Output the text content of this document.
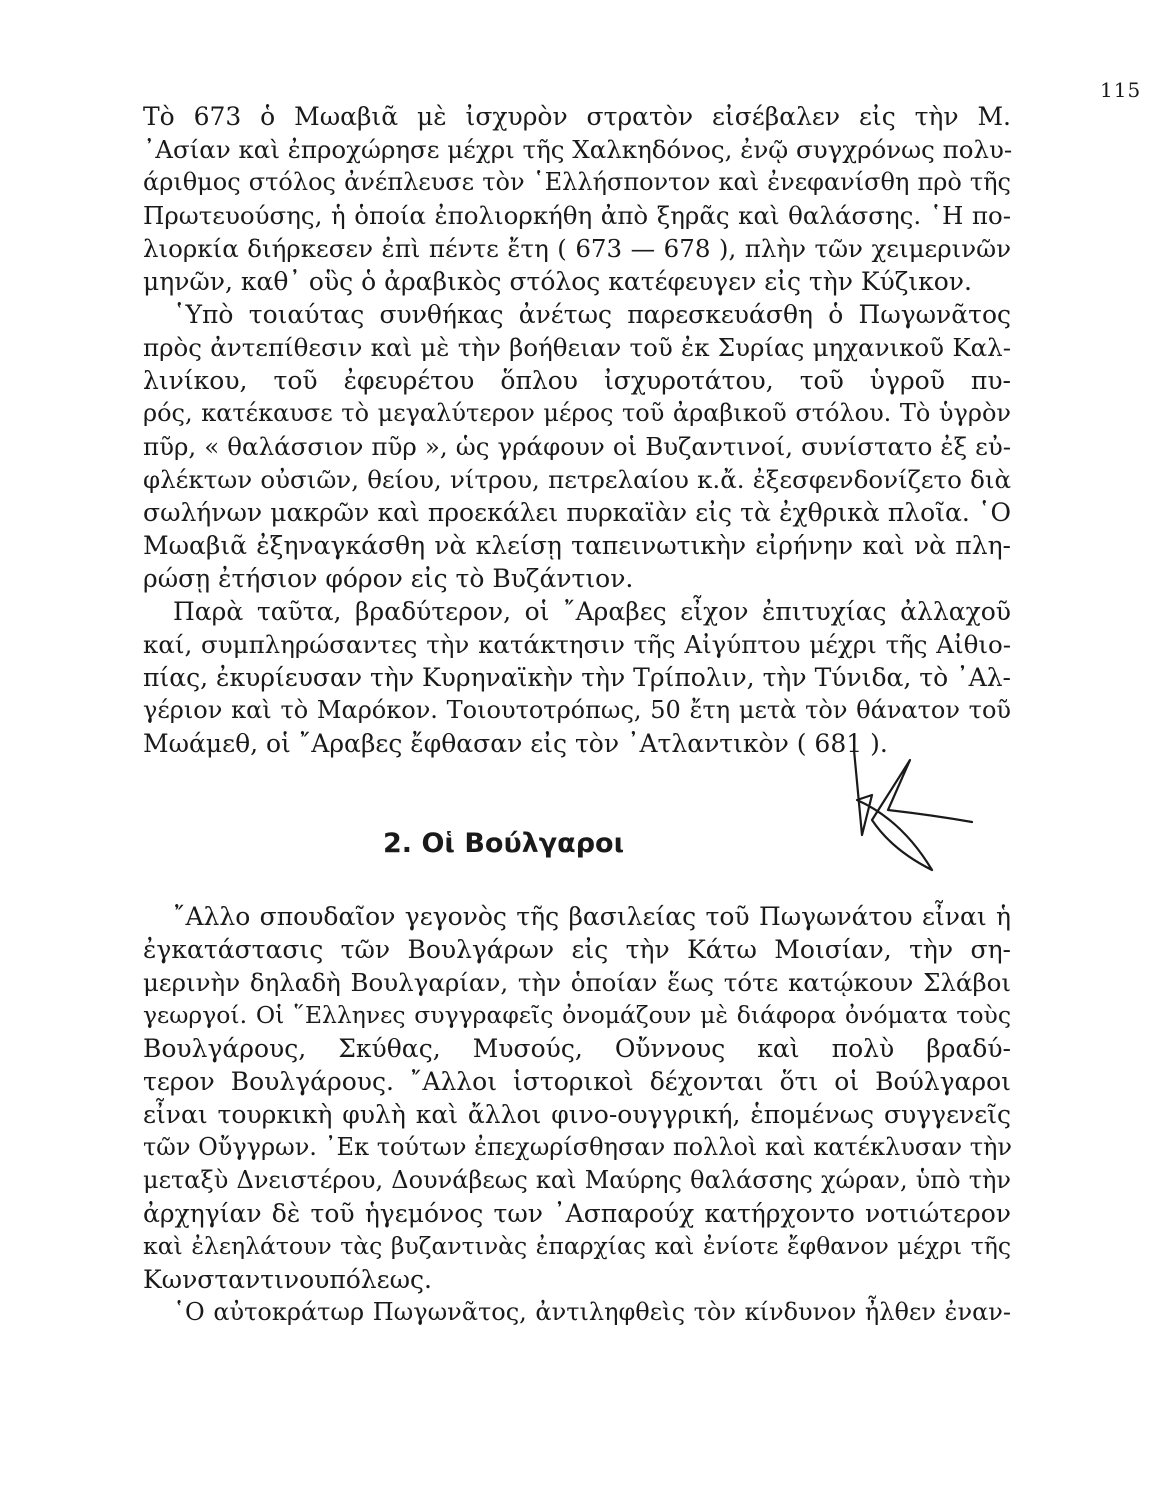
115
Τὸ 673 ὁ Μωαβιᾶ μὲ ἰσχυρὸν στρατὸν εἰσέβαλεν εἰς τὴν Μ.
᾿Ασίαν καὶ ἐπροχώρησε μέχρι τῆς Χαλκηδόνος, ἐνῷ συγχρόνως πολυ-
άριθμος στόλος ἀνέπλευσε τὸν ῾Ελλήσποντον καὶ ἐνεφανίσθη πρὸ τῆς
Πρωτευούσης, ἡ ὁποία ἐπολιορκήθη ἀπὸ ξηρᾶς καὶ θαλάσσης. ῾Η πο-
λιορκία διήρκεσεν ἐπὶ πέντε ἔτη ( 673 — 678 ), πλὴν τῶν χειμερινῶν
μηνῶν, καθ᾿ οὓς ὁ ἀραβικὸς στόλος κατέφευγεν εἰς τὴν Κύζικον.
῾Υπὸ τοιαύτας συνθήκας ἀνέτως παρεσκευάσθη ὁ Πωγωνᾶτος
πρὸς ἀντεπίθεσιν καὶ μὲ τὴν βοήθειαν τοῦ ἐκ Συρίας μηχανικοῦ Καλ-
λινίκου, τοῦ ἐφευρέτου ὅπλου ἰσχυροτάτου, τοῦ ὑγροῦ πυ-
ρός, κατέκαυσε τὸ μεγαλύτερον μέρος τοῦ ἀραβικοῦ στόλου. Τὸ ὑγρὸν
πῦρ, « θαλάσσιον πῦρ », ὡς γράφουν οἱ Βυζαντινοί, συνίστατο ἐξ εὐ-
φλέκτων οὐσιῶν, θείου, νίτρου, πετρελαίου κ.ἄ. ἐξεσφενδονίζετο διὰ
σωλήνων μακρῶν καὶ προεκάλει πυρκαϊὰν εἰς τὰ ἐχθρικὰ πλοῖα. ῾Ο
Μωαβιᾶ ἐξηναγκάσθη νὰ κλείσῃ ταπεινωτικὴν εἰρήνην καὶ νὰ πλη-
ρώσῃ ἐτήσιον φόρον εἰς τὸ Βυζάντιον.
Παρὰ ταῦτα, βραδύτερον, οἱ ῎Αραβες εἶχον ἐπιτυχίας ἀλλαχοῦ
καί, συμπληρώσαντες τὴν κατάκτησιν τῆς Αἰγύπτου μέχρι τῆς Αἰθιο-
πίας, ἐκυρίευσαν τὴν Κυρηναϊκὴν τὴν Τρίπολιν, τὴν Τύνιδα, τὸ ᾿Αλ-
γέριον καὶ τὸ Μαρόκον. Τοιουτοτρόπως, 50 ἔτη μετὰ τὸν θάνατον τοῦ
Μωάμεθ, οἱ ῎Αραβες ἔφθασαν εἰς τὸν ᾿Ατλαντικὸν ( 681 ).
2. Οἱ Βούλγαροι
῎Αλλο σπουδαῖον γεγονὸς τῆς βασιλείας τοῦ Πωγωνάτου εἶναι ἡ
ἐγκατάστασις τῶν Βουλγάρων εἰς τὴν Κάτω Μοισίαν, τὴν ση-
μερινὴν δηλαδὴ Βουλγαρίαν, τὴν ὁποίαν ἕως τότε κατῴκουν Σλάβοι
γεωργοί. Οἱ ῞Ελληνες συγγραφεῖς ὀνομάζουν μὲ διάφορα ὀνόματα τοὺς
Βουλγάρους, Σκύθας, Μυσούς, Οὔννους καὶ πολὺ βραδύ-
τερον Βουλγάρους. ῎Αλλοι ἱστορικοὶ δέχονται ὅτι οἱ Βούλγαροι
εἶναι τουρκικὴ φυλὴ καὶ ἄλλοι φινο-ουγγρική, ἑπομένως συγγενεῖς
τῶν Οὔγγρων. ᾿Εκ τούτων ἐπεχωρίσθησαν πολλοὶ καὶ κατέκλυσαν τὴν
μεταξὺ Δνειστέρου, Δουνάβεως καὶ Μαύρης θαλάσσης χώραν, ὑπὸ τὴν
ἀρχηγίαν δὲ τοῦ ἡγεμόνος των ᾿Ασπαρούχ κατήρχοντο νοτιώτερον
καὶ ἐλεηλάτουν τὰς βυζαντινὰς ἐπαρχίας καὶ ἐνίοτε ἔφθανον μέχρι τῆς
Κωνσταντινουπόλεως.
῾Ο αὐτοκράτωρ Πωγωνᾶτος, ἀντιληφθεὶς τὸν κίνδυνον ἦλθεν ἐναν-
